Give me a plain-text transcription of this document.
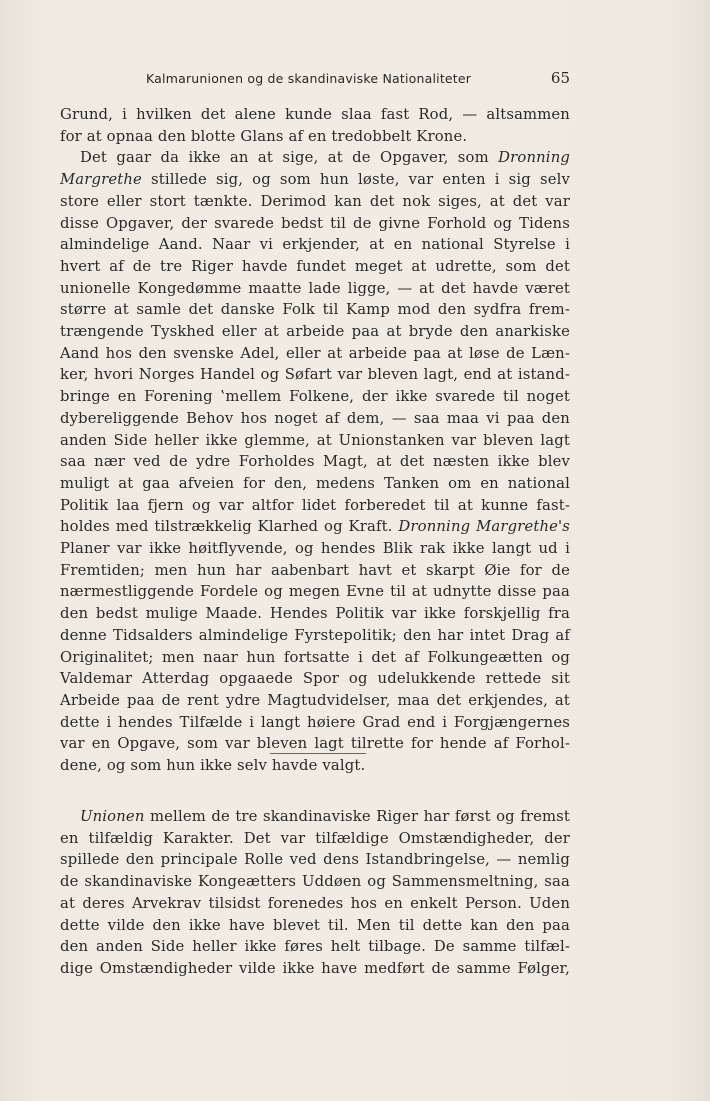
Kalmarunionen og de skandinaviske Nationaliteter	65
Grund, i hvilken det alene kunde slaa fast Rod, — altsammen
for at opnaa den blotte Glans af en tredobbelt Krone.
Det gaar da ikke an at sige, at de Opgaver, som Dronning
Margrethe stillede sig, og som hun løste, var enten i sig selv
store eller stort tænkte. Derimod kan det nok siges, at det var
disse Opgaver, der svarede bedst til de givne Forhold og Tidens
almindelige Aand. Naar vi erkjender, at en national Styrelse i
hvert af de tre Riger havde fundet meget at udrette, som det
unionelle Kongedømme maatte lade ligge, — at det havde været
større at samle det danske Folk til Kamp mod den sydfra frem-
trængende Tyskhed eller at arbeide paa at bryde den anarkiske
Aand hos den svenske Adel, eller at arbeide paa at løse de Læn-
ker, hvori Norges Handel og Søfart var bleven lagt, end at istand-
bringe en Forening ‛mellem Folkene, der ikke svarede til noget
dybereliggende Behov hos noget af dem, — saa maa vi paa den
anden Side heller ikke glemme, at Unionstanken var bleven lagt
saa nær ved de ydre Forholdes Magt, at det næsten ikke blev
muligt at gaa afveien for den, medens Tanken om en national
Politik laa fjern og var altfor lidet forberedet til at kunne fast-
holdes med tilstrækkelig Klarhed og Kraft. Dronning Margrethe's
Planer var ikke høitflyvende, og hendes Blik rak ikke langt ud i
Fremtiden; men hun har aabenbart havt et skarpt Øie for de
nærmestliggende Fordele og megen Evne til at udnytte disse paa
den bedst mulige Maade. Hendes Politik var ikke forskjellig fra
denne Tidsalders almindelige Fyrstepolitik; den har intet Drag af
Originalitet; men naar hun fortsatte i det af Folkungeætten og
Valdemar Atterdag opgaaede Spor og udelukkende rettede sit
Arbeide paa de rent ydre Magtudvidelser, maa det erkjendes, at
dette i hendes Tilfælde i langt høiere Grad end i Forgjængernes
var en Opgave, som var bleven lagt tilrette for hende af Forhol-
dene, og som hun ikke selv havde valgt.
Unionen mellem de tre skandinaviske Riger har først og fremst
en tilfældig Karakter. Det var tilfældige Omstændigheder, der
spillede den principale Rolle ved dens Istandbringelse, — nemlig
de skandinaviske Kongeætters Uddøen og Sammensmeltning, saa
at deres Arvekrav tilsidst forenedes hos en enkelt Person. Uden
dette vilde den ikke have blevet til. Men til dette kan den paa
den anden Side heller ikke føres helt tilbage. De samme tilfæl-
dige Omstændigheder vilde ikke have medført de samme Følger,
